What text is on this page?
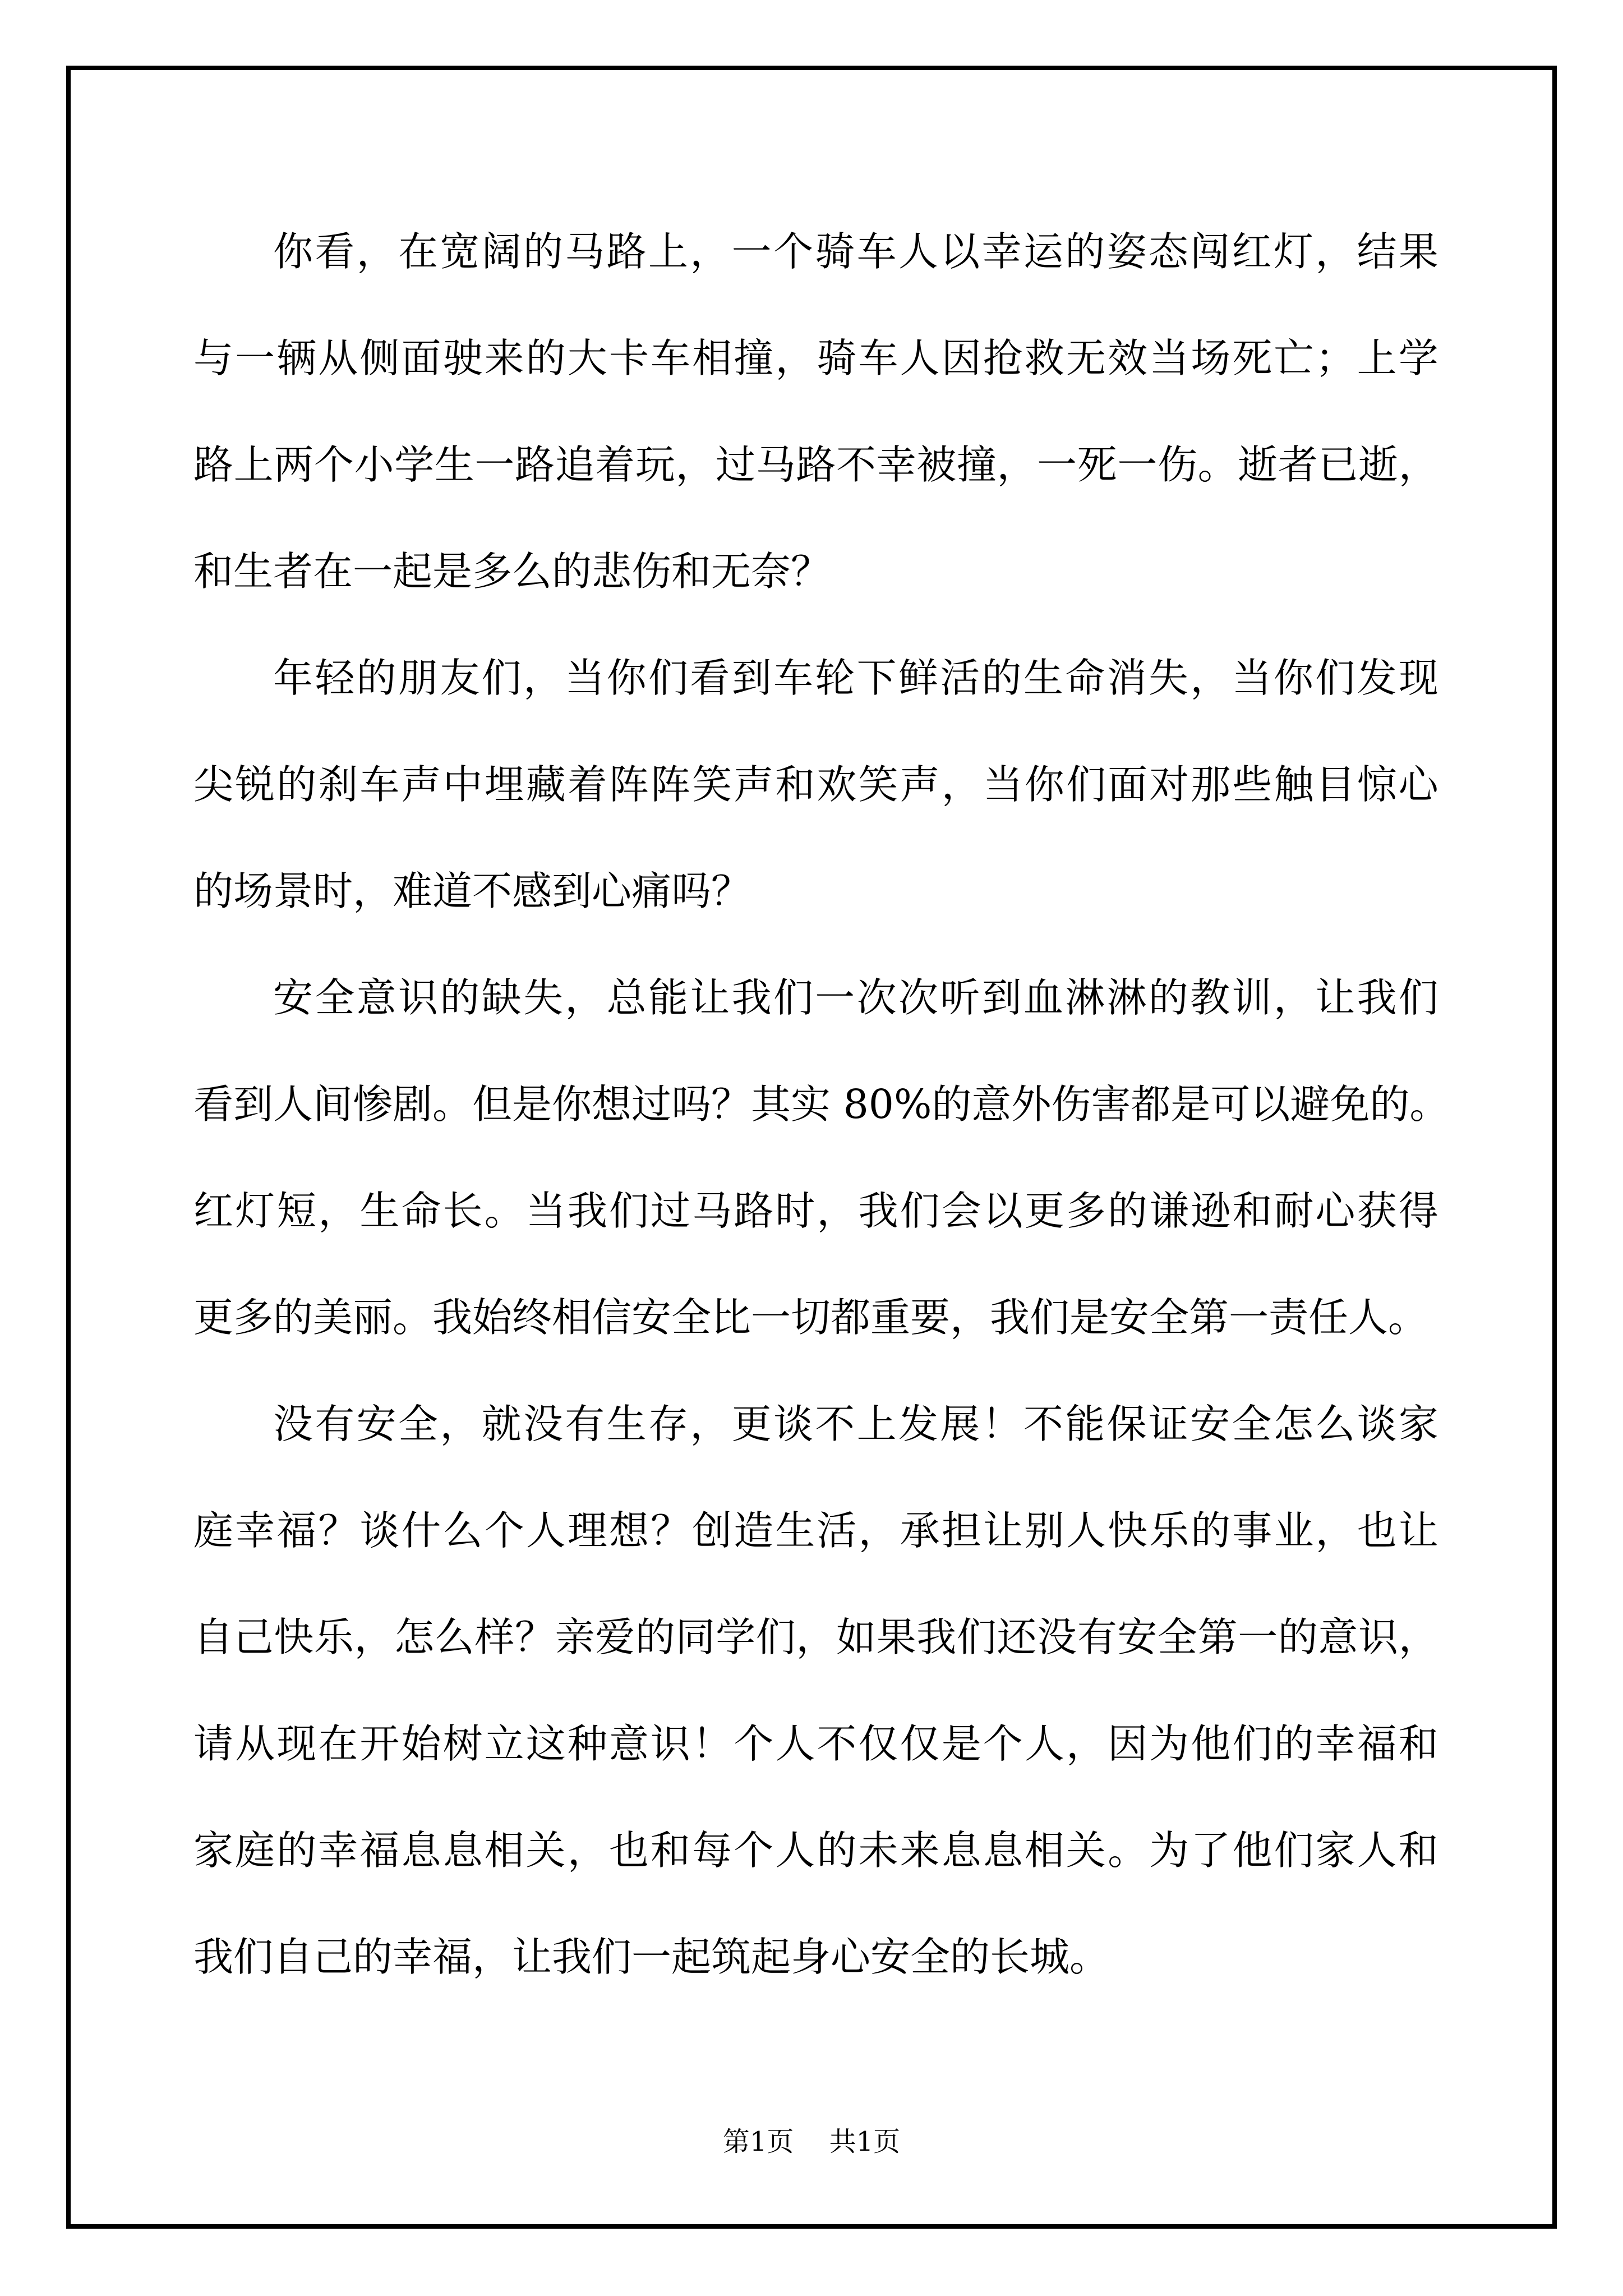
你 看 ， 在 宽 阔 的 马 路 上 ， 一 个 骑 车 人 以 幸 运 的 姿 态 闯 红 灯 ， 结 果
与 一 辆 从 侧 面 驶 来 的 大 卡 车 相 撞 ， 骑 车 人 因 抢 救 无 效 当 场 死 亡 ； 上 学
路 上 两 个 小 学 生 一 路 追 着 玩 ， 过 马 路 不 幸 被 撞 ， 一 死 一 伤 。 逝 者 已 逝 ，
和 生 者 在 一 起 是 多 么 的 悲 伤 和 无 奈 ？
年 轻 的 朋 友 们 ， 当 你 们 看 到 车 轮 下 鲜 活 的 生 命 消 失 ， 当 你 们 发 现
尖 锐 的 刹 车 声 中 埋 藏 着 阵 阵 笑 声 和 欢 笑 声 ， 当 你 们 面 对 那 些 触 目 惊 心
的 场 景 时 ， 难 道 不 感 到 心 痛 吗 ？
安 全 意 识 的 缺 失 ， 总 能 让 我 们 一 次 次 听 到 血 淋 淋 的 教 训 ， 让 我 们
看 到 人 间 惨 剧 。 但 是 你 想 过 吗 ？ 其 实
8 0 % 的 意 外 伤 害 都 是 可 以 避 免 的 。
红 灯 短 ， 生 命 长 。 当 我 们 过 马 路 时 ， 我 们 会 以 更 多 的 谦 逊 和 耐 心 获 得
更 多 的 美 丽 。 我 始 终 相 信 安 全 比 一 切 都 重 要 ， 我 们 是 安 全 第 一 责 任 人 。
没 有 安 全 ， 就 没 有 生 存 ， 更 谈 不 上 发 展 ！ 不 能 保 证 安 全 怎 么 谈 家
庭 幸 福 ？ 谈 什 么 个 人 理 想 ？ 创 造 生 活 ， 承 担 让 别 人 快 乐 的 事 业 ， 也 让
自 己 快 乐 ， 怎 么 样 ？ 亲 爱 的 同 学 们 ， 如 果 我 们 还 没 有 安 全 第 一 的 意 识 ，
请 从 现 在 开 始 树 立 这 种 意 识 ！ 个 人 不 仅 仅 是 个 人 ， 因 为 他 们 的 幸 福 和
家 庭 的 幸 福 息 息 相 关 ， 也 和 每 个 人 的 未 来 息 息 相 关 。 为 了 他 们 家 人 和
我 们 自 己 的 幸 福 ， 让 我 们 一 起 筑 起 身 心 安 全 的 长 城 。
第1页 共1页
